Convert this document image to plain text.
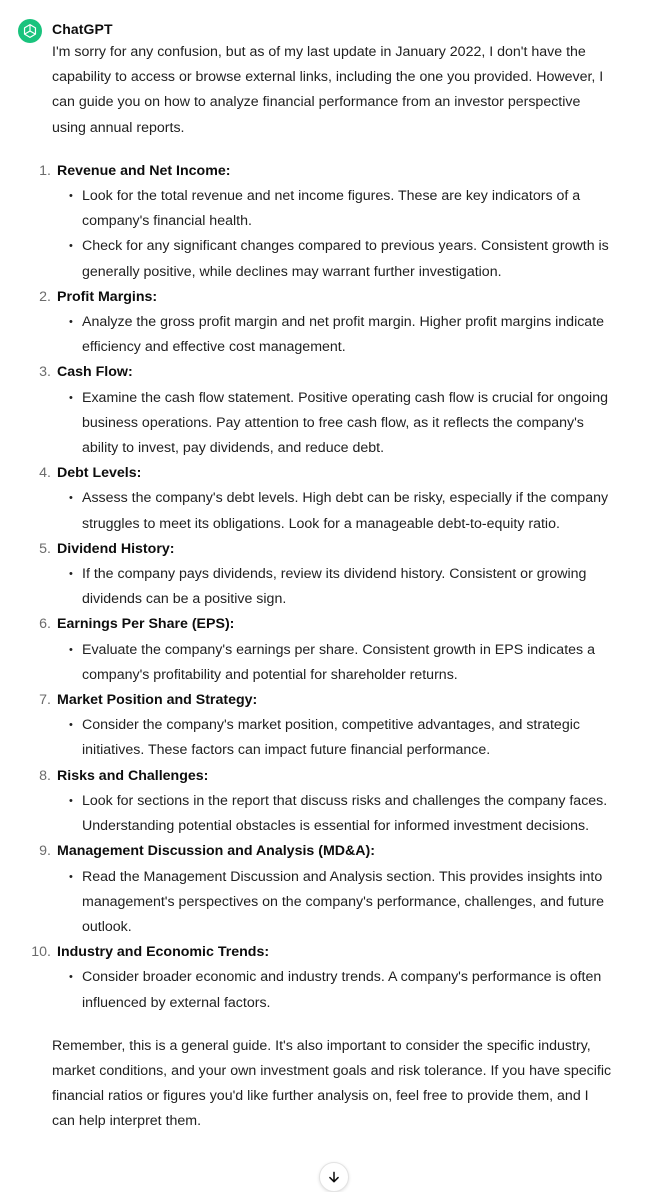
ChatGPT

I'm sorry for any confusion, but as of my last update in January 2022, I don't have the capability to access or browse external links, including the one you provided. However, I can guide you on how to analyze financial performance from an investor perspective using annual reports.

1. Revenue and Net Income:
• Look for the total revenue and net income figures. These are key indicators of a company's financial health.
• Check for any significant changes compared to previous years. Consistent growth is generally positive, while declines may warrant further investigation.
2. Profit Margins:
• Analyze the gross profit margin and net profit margin. Higher profit margins indicate efficiency and effective cost management.
3. Cash Flow:
• Examine the cash flow statement. Positive operating cash flow is crucial for ongoing business operations. Pay attention to free cash flow, as it reflects the company's ability to invest, pay dividends, and reduce debt.
4. Debt Levels:
• Assess the company's debt levels. High debt can be risky, especially if the company struggles to meet its obligations. Look for a manageable debt-to-equity ratio.
5. Dividend History:
• If the company pays dividends, review its dividend history. Consistent or growing dividends can be a positive sign.
6. Earnings Per Share (EPS):
• Evaluate the company's earnings per share. Consistent growth in EPS indicates a company's profitability and potential for shareholder returns.
7. Market Position and Strategy:
• Consider the company's market position, competitive advantages, and strategic initiatives. These factors can impact future financial performance.
8. Risks and Challenges:
• Look for sections in the report that discuss risks and challenges the company faces. Understanding potential obstacles is essential for informed investment decisions.
9. Management Discussion and Analysis (MD&A):
• Read the Management Discussion and Analysis section. This provides insights into management's perspectives on the company's performance, challenges, and future outlook.
10. Industry and Economic Trends:
• Consider broader economic and industry trends. A company's performance is often influenced by external factors.

Remember, this is a general guide. It's also important to consider the specific industry, market conditions, and your own investment goals and risk tolerance. If you have specific financial ratios or figures you'd like further analysis on, feel free to provide them, and I can help interpret them.
